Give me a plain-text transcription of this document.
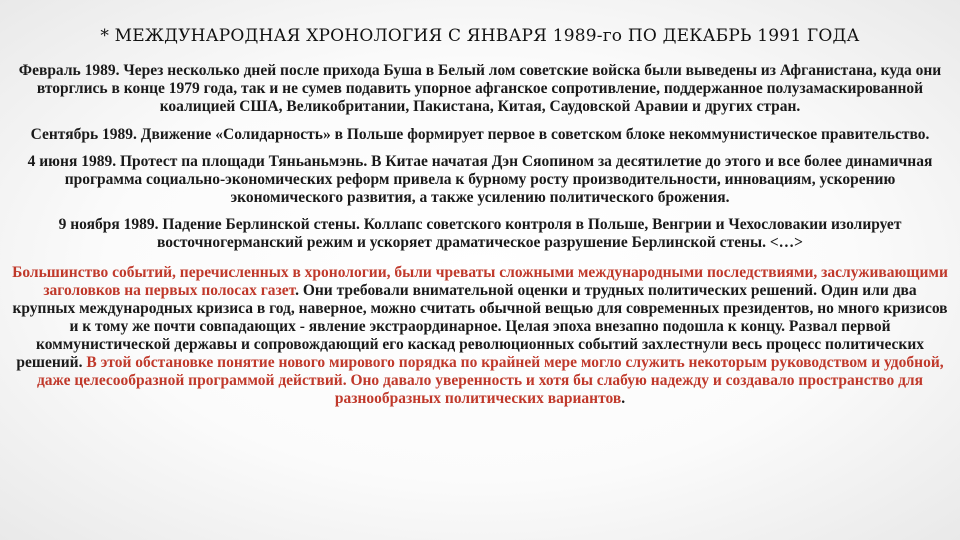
* МЕЖДУНАРОДНАЯ ХРОНОЛОГИЯ С ЯНВАРЯ 1989-го ПО ДЕКАБРЬ 1991 ГОДА

Февраль 1989. Через несколько дней после прихода Буша в Белый лом советские войска были выведены из Афганистана, куда они вторглись в конце 1979 года, так и не сумев подавить упорное афганское сопротивление, поддержанное полузамаскированной коалицией США, Великобритании, Пакистана, Китая, Саудовской Аравии и других стран.

Сентябрь 1989. Движение «Солидарность» в Польше формирует первое в советском блоке некоммунистическое правительство.

4 июня 1989. Протест па площади Тяньаньмэнь. В Китае начатая Дэн Сяопином за десятилетие до этого и все более динамичная программа социально-экономических реформ привела к бурному росту производительности, инновациям, ускорению экономического развития, а также усилению политического брожения.

9 ноября 1989. Падение Берлинской стены. Коллапс советского контроля в Польше, Венгрии и Чехословакии изолирует восточногерманский режим и ускоряет драматическое разрушение Берлинской стены. <…>

Большинство событий, перечисленных в хронологии, были чреваты сложными международными последствиями, заслуживающими заголовков на первых полосах газет. Они требовали внимательной оценки и трудных политических решений. Один или два крупных международных кризиса в год, наверное, можно считать обычной вещью для современных президентов, но много кризисов и к тому же почти совпадающих - явление экстраординарное. Целая эпоха внезапно подошла к концу. Развал первой коммунистической державы и сопровождающий его каскад революционных событий захлестнули весь процесс политических решений. В этой обстановке понятие нового мирового порядка по крайней мере могло служить некоторым руководством и удобной, даже целесообразной программой действий. Оно давало уверенность и хотя бы слабую надежду и создавало пространство для разнообразных политических вариантов.
